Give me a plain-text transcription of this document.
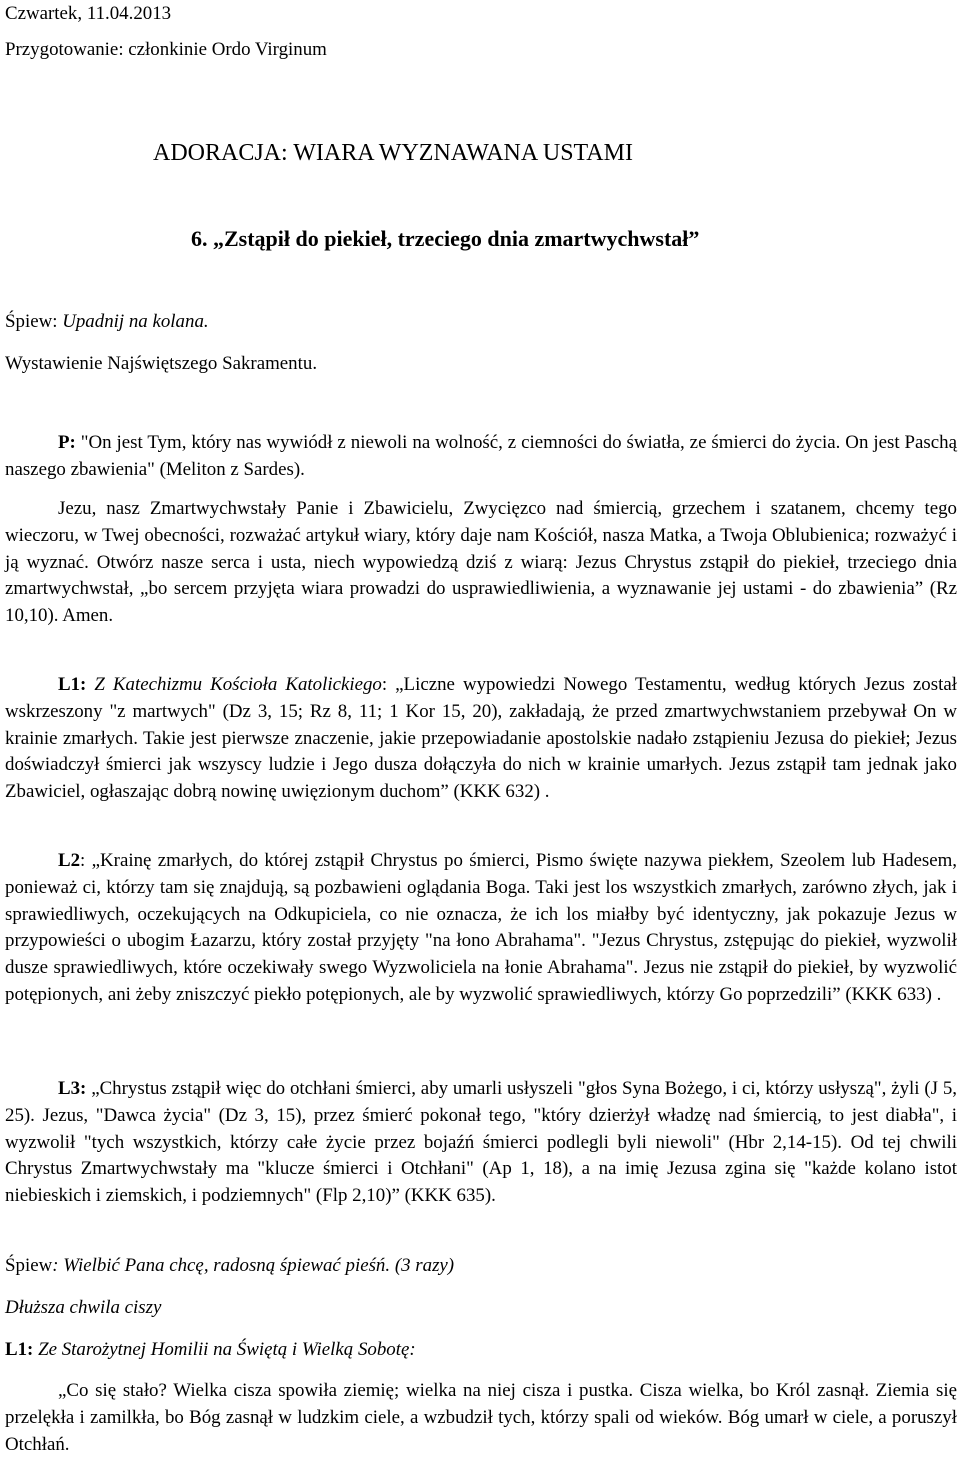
Czwartek, 11.04.2013

Przygotowanie: członkinie Ordo Virginum

ADORACJA: WIARA WYZNAWANA USTAMI
6. „Zstąpił do piekieł, trzeciego dnia zmartwychwstał”

Śpiew: Upadnij na kolana.

Wystawienie Najświętszego Sakramentu.

P: "On jest Tym, który nas wywiódł z niewoli na wolność, z ciemności do światła, ze śmierci do życia. On jest Paschą naszego zbawienia" (Meliton z Sardes).

Jezu, nasz Zmartwychwstały Panie i Zbawicielu, Zwycięzco nad śmiercią, grzechem i szatanem, chcemy tego wieczoru, w Twej obecności, rozważać artykuł wiary, który daje nam Kościół, nasza Matka, a Twoja Oblubienica; rozważyć i ją wyznać. Otwórz nasze serca i usta, niech wypowiedzą dziś z wiarą: Jezus Chrystus zstąpił do piekieł, trzeciego dnia zmartwychwstał, „bo sercem przyjęta wiara prowadzi do usprawiedliwienia, a wyznawanie jej ustami - do zbawienia” (Rz 10,10). Amen.

L1: Z Katechizmu Kościoła Katolickiego: „Liczne wypowiedzi Nowego Testamentu, według których Jezus został wskrzeszony "z martwych" (Dz 3, 15; Rz 8, 11; 1 Kor 15, 20), zakładają, że przed zmartwychwstaniem przebywał On w krainie zmarłych. Takie jest pierwsze znaczenie, jakie przepowiadanie apostolskie nadało zstąpieniu Jezusa do piekieł; Jezus doświadczył śmierci jak wszyscy ludzie i Jego dusza dołączyła do nich w krainie umarłych. Jezus zstąpił tam jednak jako Zbawiciel, ogłaszając dobrą nowinę uwięzionym duchom” (KKK 632) .

L2: „Krainę zmarłych, do której zstąpił Chrystus po śmierci, Pismo święte nazywa piekłem, Szeolem lub Hadesem, ponieważ ci, którzy tam się znajdują, są pozbawieni oglądania Boga. Taki jest los wszystkich zmarłych, zarówno złych, jak i sprawiedliwych, oczekujących na Odkupiciela, co nie oznacza, że ich los miałby być identyczny, jak pokazuje Jezus w przypowieści o ubogim Łazarzu, który został przyjęty "na łono Abrahama". "Jezus Chrystus, zstępując do piekieł, wyzwolił dusze sprawiedliwych, które oczekiwały swego Wyzwoliciela na łonie Abrahama". Jezus nie zstąpił do piekieł, by wyzwolić potępionych, ani żeby zniszczyć piekło potępionych, ale by wyzwolić sprawiedliwych, którzy Go poprzedzili” (KKK 633) .

L3: „Chrystus zstąpił więc do otchłani śmierci, aby umarli usłyszeli "głos Syna Bożego, i ci, którzy usłyszą", żyli (J 5, 25). Jezus, "Dawca życia" (Dz 3, 15), przez śmierć pokonał tego, "który dzierżył władzę nad śmiercią, to jest diabła", i wyzwolił "tych wszystkich, którzy całe życie przez bojaźń śmierci podlegli byli niewoli" (Hbr 2,14-15). Od tej chwili Chrystus Zmartwychwstały ma "klucze śmierci i Otchłani" (Ap 1, 18), a na imię Jezusa zgina się "każde kolano istot niebieskich i ziemskich, i podziemnych" (Flp 2,10)” (KKK 635).

Śpiew: Wielbić Pana chcę, radosną śpiewać pieśń. (3 razy)

Dłuższa chwila ciszy

L1: Ze Starożytnej Homilii na Świętą i Wielką Sobotę:

„Co się stało? Wielka cisza spowiła ziemię; wielka na niej cisza i pustka. Cisza wielka, bo Król zasnął. Ziemia się przelękła i zamilkła, bo Bóg zasnął w ludzkim ciele, a wzbudził tych, którzy spali od wieków. Bóg umarł w ciele, a poruszył Otchłań.
